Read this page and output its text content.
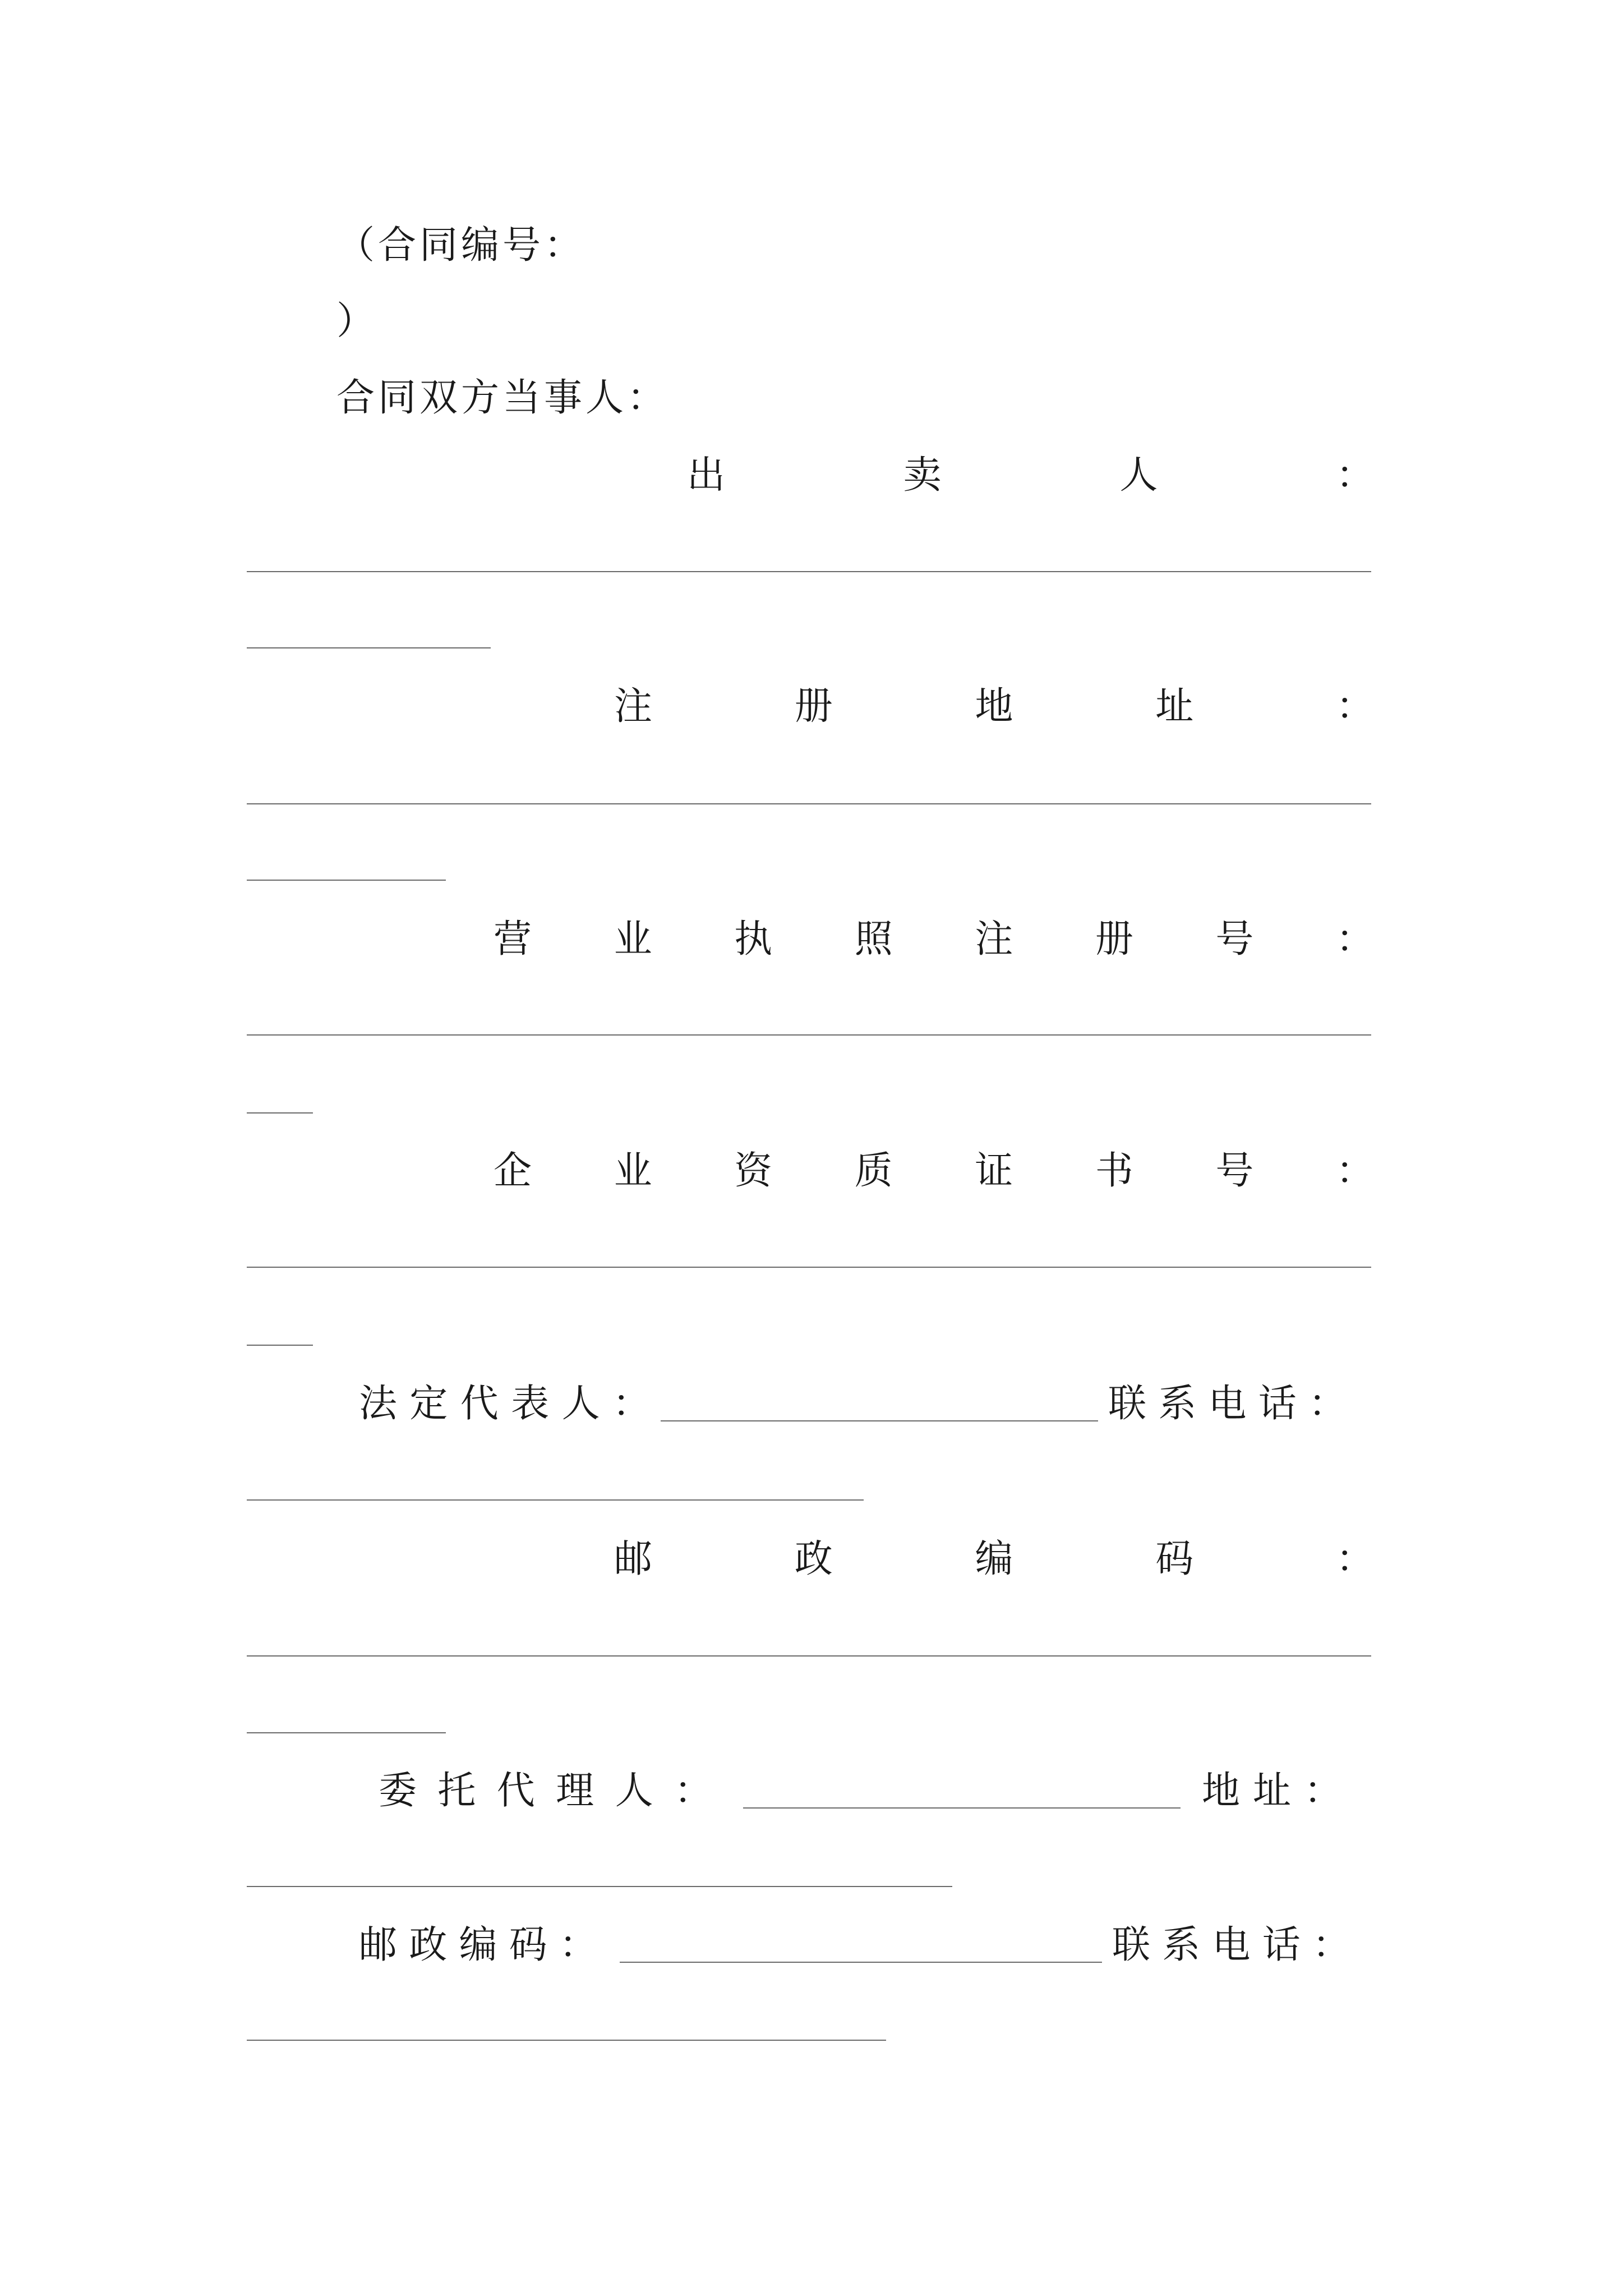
（合同编号：
）
合同双方当事人：
出	卖	人	：
注	册	地	址	：
营 业 执 照 注 册 号 ：
企 业 资 质 证 书 号 ：
法 定 代 表 人 ：	联 系 电 话 ：
邮	政	编	码	：
委 托 代 理 人 ：	地 址 ：
邮 政 编 码 ：	联 系 电 话 ：
